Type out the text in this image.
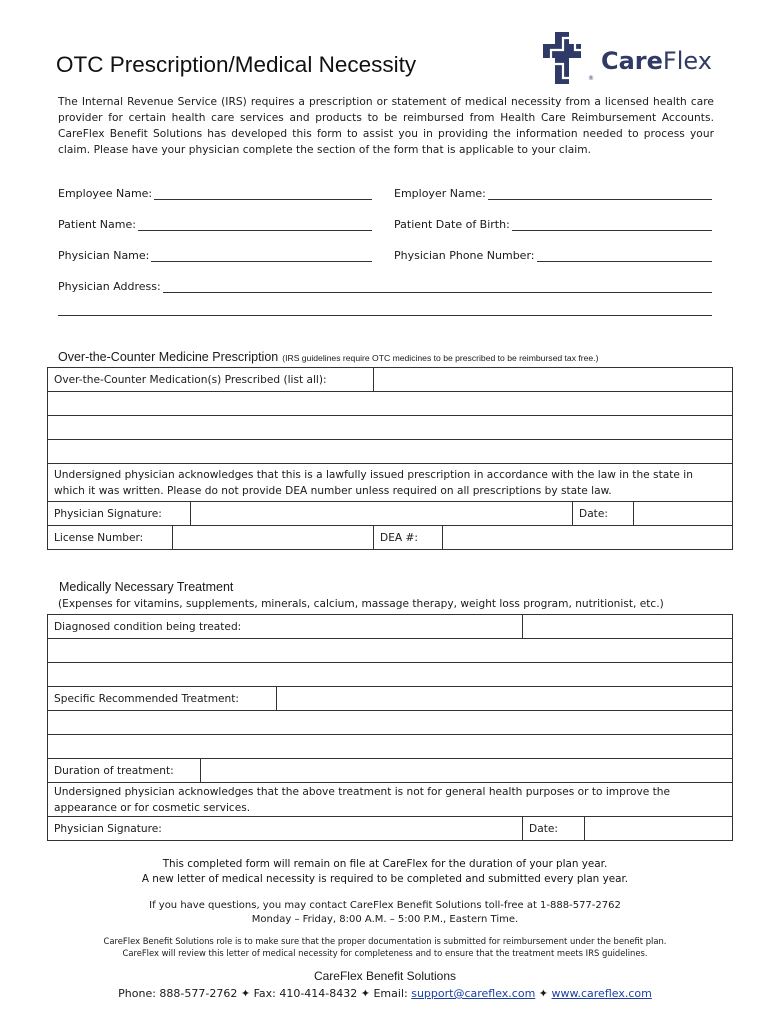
OTC Prescription/Medical Necessity	CareFlex
®
The Internal Revenue Service (IRS) requires a prescription or statement of medical necessity from a licensed health care provider for certain health care services and products to be reimbursed from Health Care Reimbursement Accounts. CareFlex Benefit Solutions has developed this form to assist you in providing the information needed to process your claim. Please have your physician complete the section of the form that is applicable to your claim.
Employee Name:	Employer Name:
Patient Name:	Patient Date of Birth:
Physician Name:	Physician Phone Number:
Physician Address:
Over-the-Counter Medicine Prescription (IRS guidelines require OTC medicines to be prescribed to be reimbursed tax free.)
Over-the-Counter Medication(s) Prescribed (list all):						

Undersigned physician acknowledges that this is a lawfully issued prescription in accordance with the law in the state in which it was written. Please do not provide DEA number unless required on all prescriptions by state law.						
Physician Signature:					Date:	
License Number:			DEA #:			
Medically Necessary Treatment
(Expenses for vitamins, supplements, minerals, calcium, massage therapy, weight loss program, nutritionist, etc.)
Diagnosed condition being treated:				

Specific Recommended Treatment:				

Duration of treatment:				
Undersigned physician acknowledges that the above treatment is not for general health purposes or to improve the appearance or for cosmetic services.				
Physician Signature:			Date:	
This completed form will remain on file at CareFlex for the duration of your plan year.
A new letter of medical necessity is required to be completed and submitted every plan year.
If you have questions, you may contact CareFlex Benefit Solutions toll-free at 1-888-577-2762
Monday – Friday, 8:00 A.M. – 5:00 P.M., Eastern Time.
CareFlex Benefit Solutions role is to make sure that the proper documentation is submitted for reimbursement under the benefit plan.
CareFlex will review this letter of medical necessity for completeness and to ensure that the treatment meets IRS guidelines.
CareFlex Benefit Solutions
Phone: 888-577-2762 ✦ Fax: 410-414-8432 ✦ Email: support@careflex.com ✦ www.careflex.com
